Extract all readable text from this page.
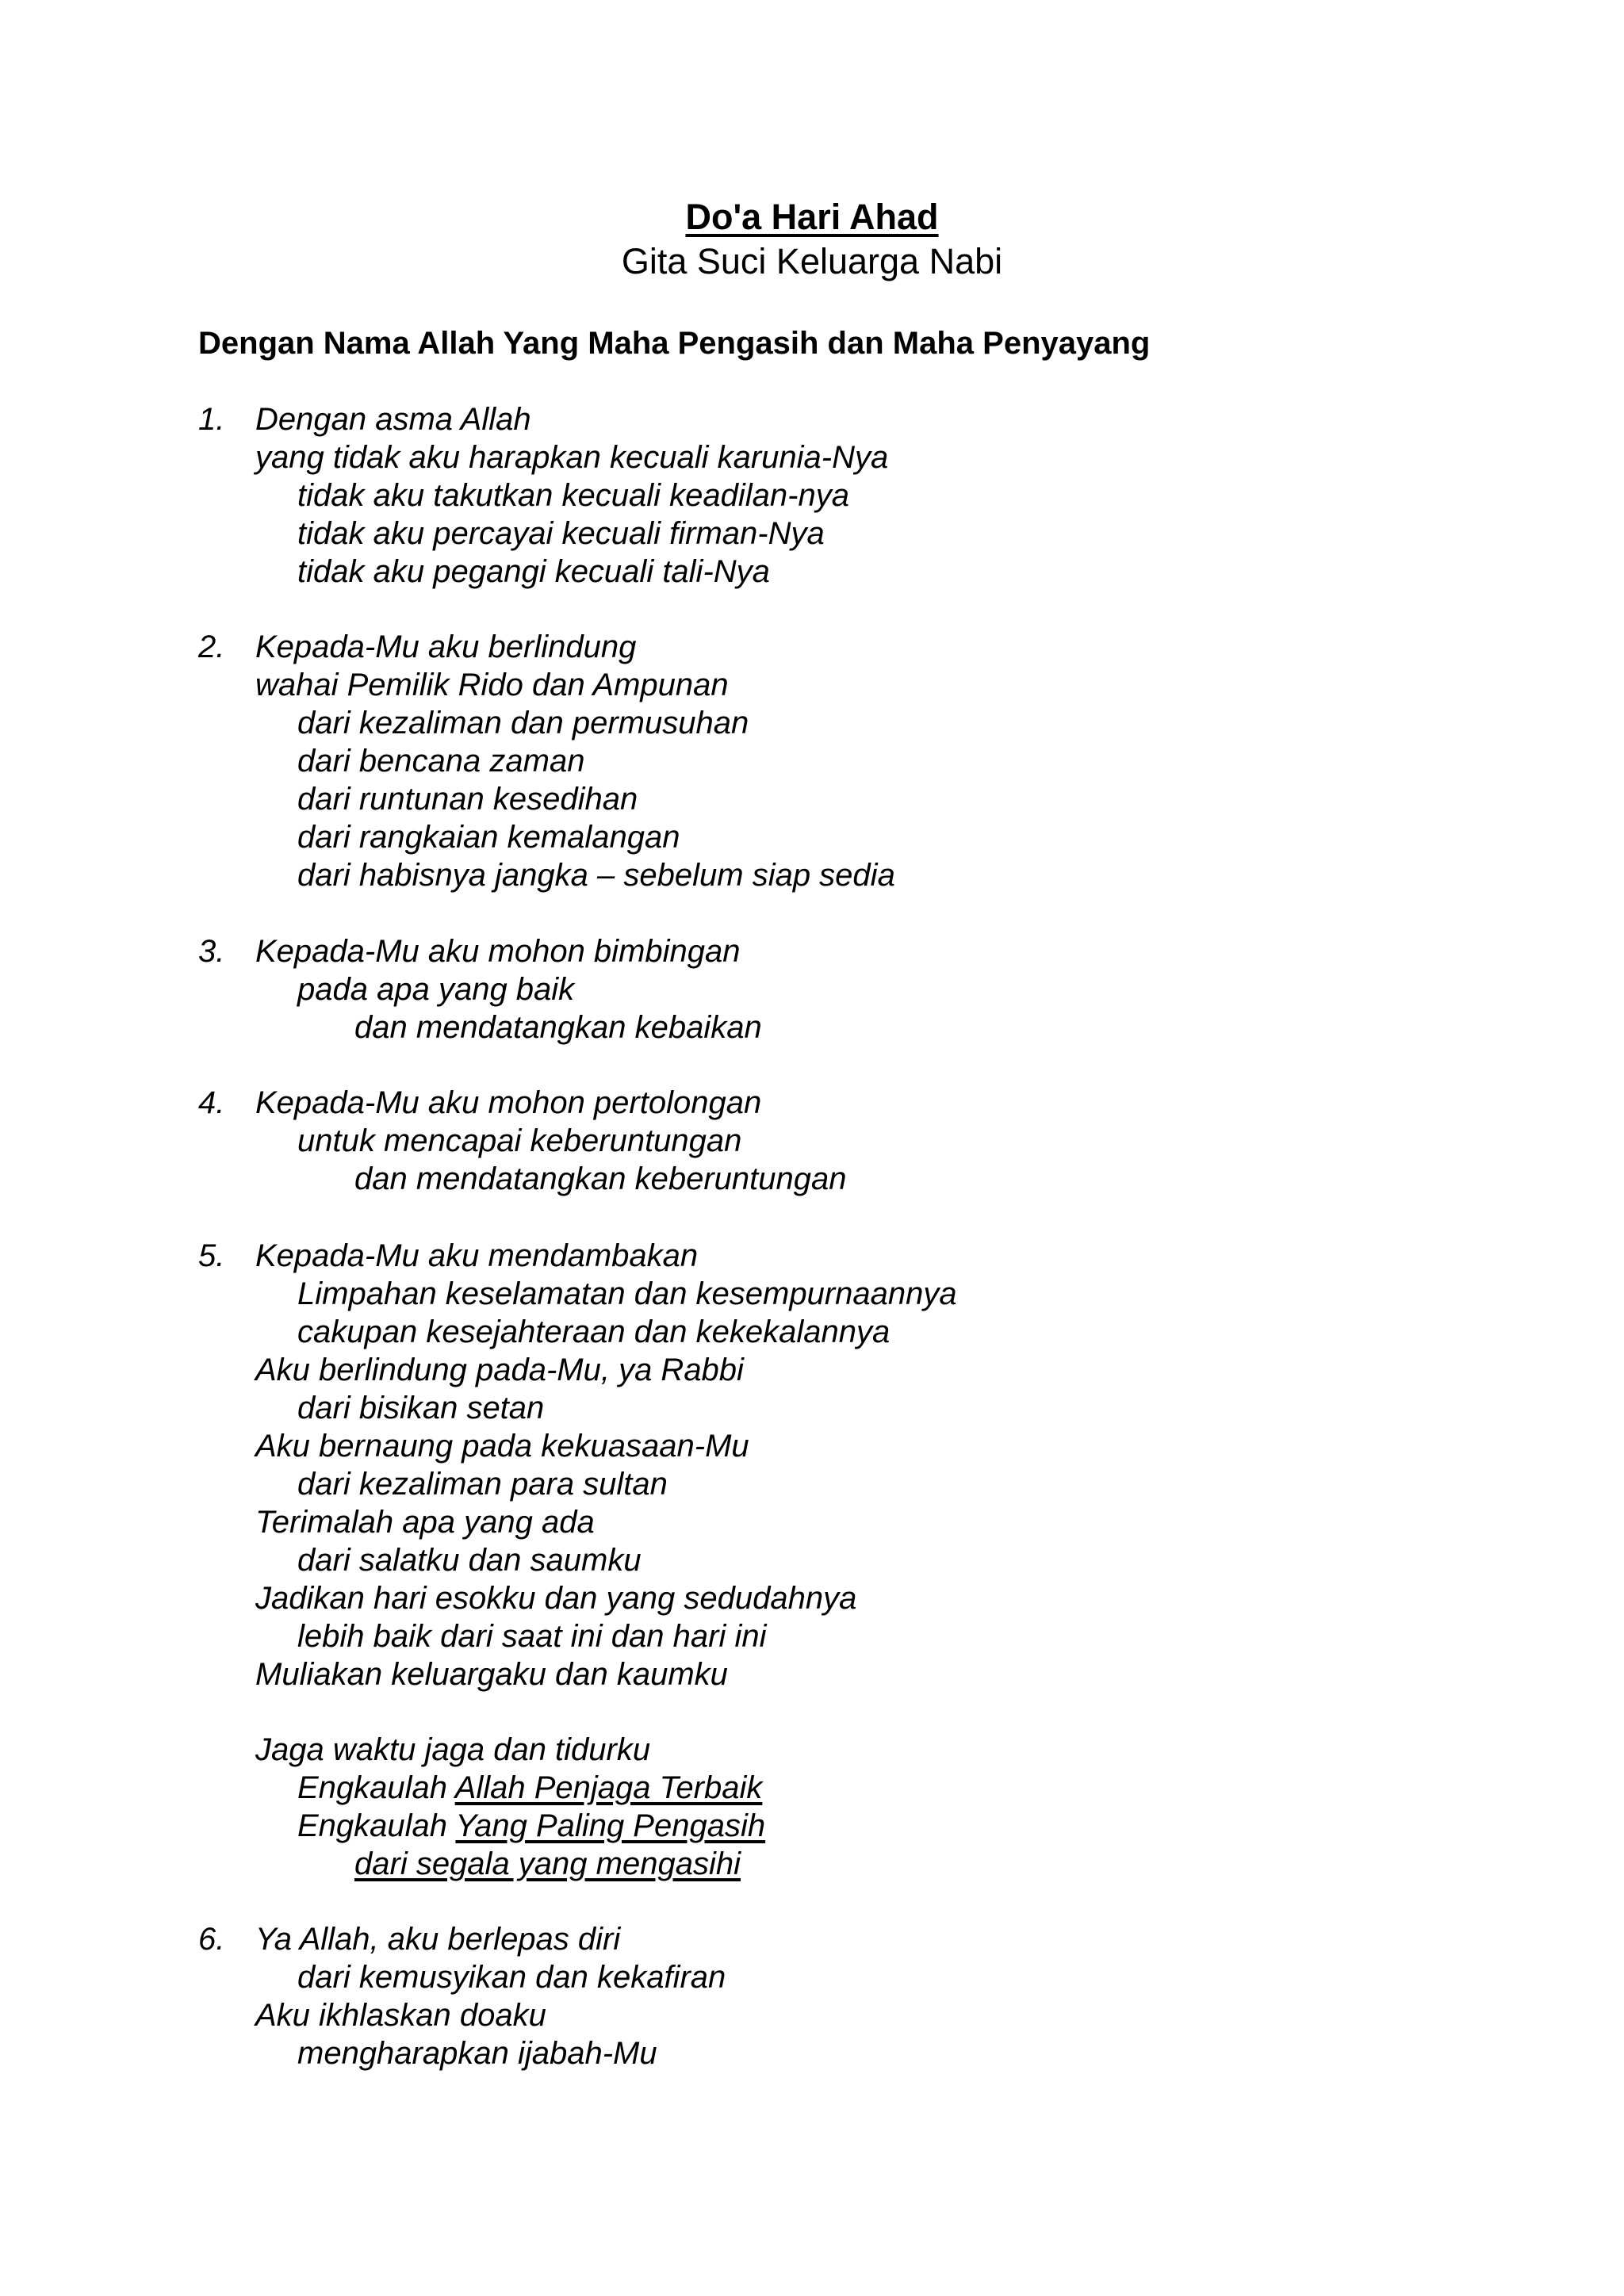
Do'a Hari Ahad
Gita Suci Keluarga Nabi
Dengan Nama Allah Yang Maha Pengasih dan Maha Penyayang
1. Dengan asma Allah
yang tidak aku harapkan kecuali karunia-Nya
tidak aku takutkan kecuali keadilan-nya
tidak aku percayai kecuali firman-Nya
tidak aku pegangi kecuali tali-Nya
2. Kepada-Mu aku berlindung
wahai Pemilik Rido dan Ampunan
dari kezaliman dan permusuhan
dari bencana zaman
dari runtunan kesedihan
dari rangkaian kemalangan
dari habisnya jangka – sebelum siap sedia
3. Kepada-Mu aku mohon bimbingan
pada apa yang baik
dan mendatangkan kebaikan
4. Kepada-Mu aku mohon pertolongan
untuk mencapai keberuntungan
dan mendatangkan keberuntungan
5. Kepada-Mu aku mendambakan
Limpahan keselamatan dan kesempurnaannya
cakupan kesejahteraan dan kekekalannya
Aku berlindung pada-Mu, ya Rabbi
dari bisikan setan
Aku bernaung pada kekuasaan-Mu
dari kezaliman para sultan
Terimalah apa yang ada
dari salatku dan saumku
Jadikan hari esokku dan yang sedudahnya
lebih baik dari saat ini dan hari ini
Muliakan keluargaku dan kaumku
Jaga waktu jaga dan tidurku
Engkaulah Allah Penjaga Terbaik
Engkaulah Yang Paling Pengasih
dari segala yang mengasihi
6. Ya Allah, aku berlepas diri
dari kemusyikan dan kekafiran
Aku ikhlaskan doaku
mengharapkan ijabah-Mu
